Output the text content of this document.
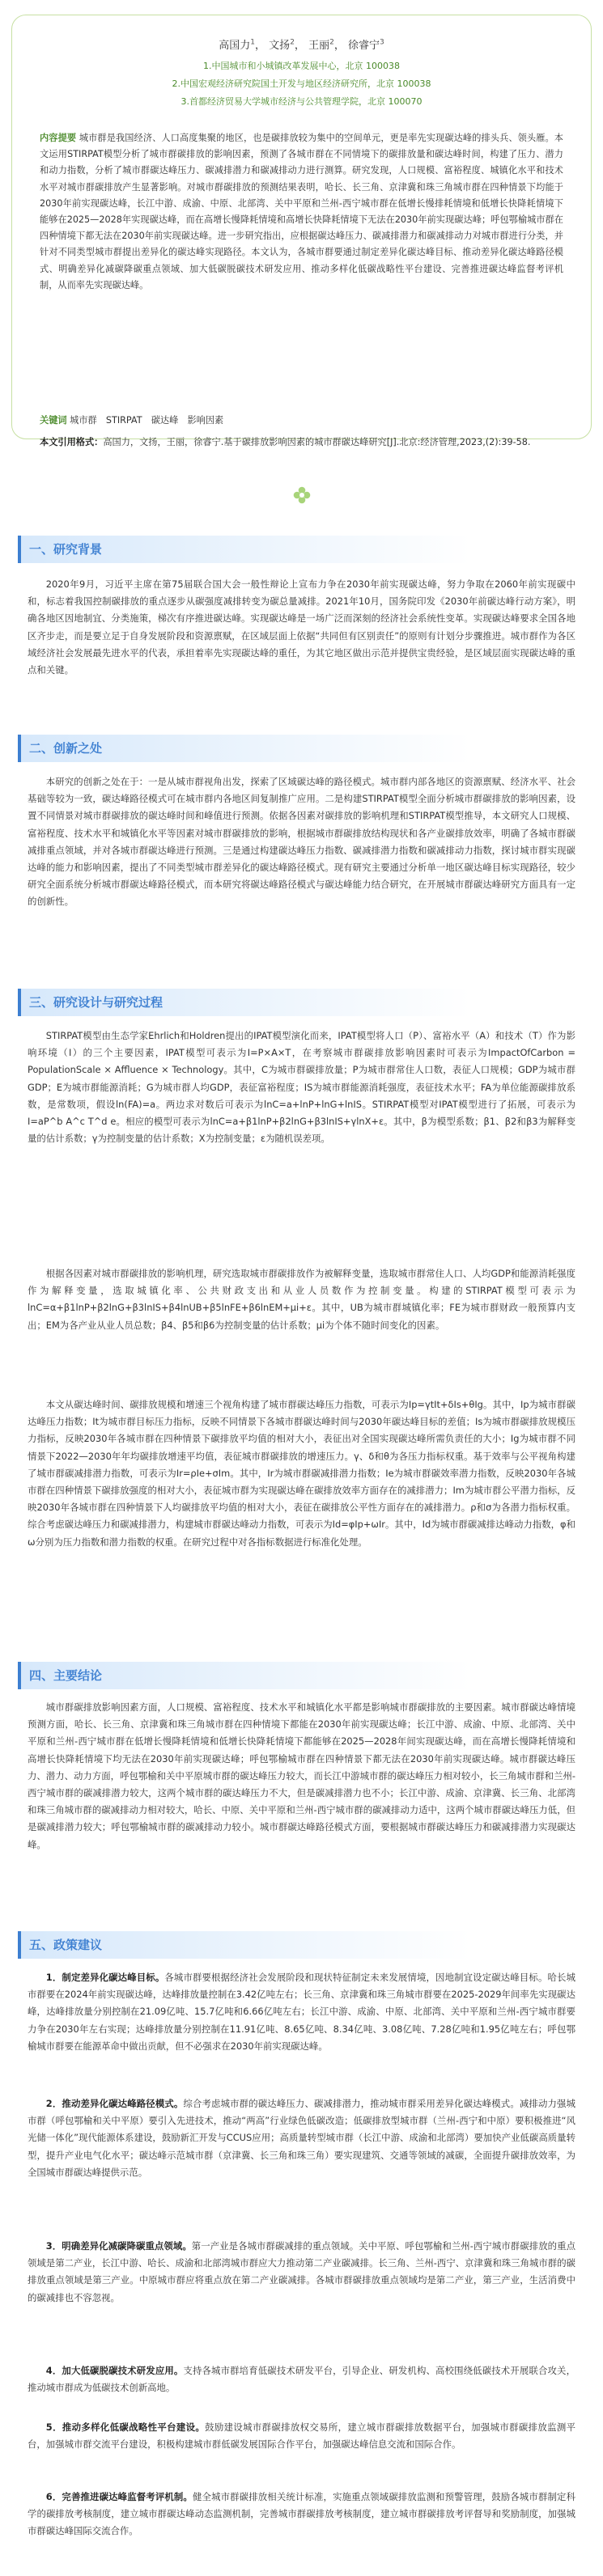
高国力$^1$， 文扬$^2$， 王丽$^2$， 徐睿宁$^3$
1.中国城市和小城镇改革发展中心，北京 100038
2.中国宏观经济研究院国土开发与地区经济研究所，北京 100038
3.首都经济贸易大学城市经济与公共管理学院，北京 100070
内容提要 城市群是我国经济、人口高度集聚的地区，也是碳排放较为集中的空间单元，更是率先实现碳达峰的排头兵、领头雁。本文运用STIRPAT模型分析了城市群碳排放的影响因素，预测了各城市群在不同情境下的碳排放量和碳达峰时间，构建了压力、潜力和动力指数，分析了城市群碳达峰压力、碳减排潜力和碳减排动力进行测算。研究发现，人口规模、富裕程度、城镇化水平和技术水平对城市群碳排放产生显著影响。对城市群碳排放的预测结果表明，哈长、长三角、京津冀和珠三角城市群在四种情景下均能于2030年前实现碳达峰，长江中游、成渝、中原、北部湾、关中平原和兰州-西宁城市群在低增长慢排耗情境和低增长快降耗情境下能够在2025—2028年实现碳达峰，而在高增长慢降耗情境和高增长快降耗情境下无法在2030年前实现碳达峰；呼包鄂榆城市群在四种情境下都无法在2030年前实现碳达峰。进一步研究指出，应根据碳达峰压力、碳减排潜力和碳减排动力对城市群进行分类，并针对不同类型城市群提出差异化的碳达峰实现路径。本文认为，各城市群要通过制定差异化碳达峰目标、推动差异化碳达峰路径模式、明确差异化减碳降碳重点领域、加大低碳脱碳技术研发应用、推动多样化低碳战略性平台建设、完善推进碳达峰监督考评机制，从而率先实现碳达峰。
关键词 城市群　STIRPAT　碳达峰　影响因素
本文引用格式：高国力，文扬，王丽，徐睿宁.基于碳排放影响因素的城市群碳达峰研究[J].北京:经济管理,2023,(2):39-58.
一、研究背景
2020年9月，习近平主席在第75届联合国大会一般性辩论上宣布力争在2030年前实现碳达峰，努力争取在2060年前实现碳中和，标志着我国控制碳排放的重点逐步从碳强度减排转变为碳总量减排。2021年10月，国务院印发《2030年前碳达峰行动方案》，明确各地区因地制宜、分类施策，梯次有序推进碳达峰。实现碳达峰是一场广泛而深刻的经济社会系统性变革。实现碳达峰要求全国各地区齐步走，而是要立足于自身发展阶段和资源禀赋，在区域层面上依据“共同但有区别责任”的原则有计划分步骤推进。城市群作为各区域经济社会发展最先进水平的代表，承担着率先实现碳达峰的重任，为其它地区做出示范并提供宝贵经验，是区域层面实现碳达峰的重点和关键。
二、创新之处
本研究的创新之处在于：一是从城市群视角出发，探索了区域碳达峰的路径模式。城市群内部各地区的资源禀赋、经济水平、社会基础等较为一致，碳达峰路径模式可在城市群内各地区间复制推广应用。二是构建STIRPAT模型全面分析城市群碳排放的影响因素，设置不同情景对城市群碳排放的碳达峰时间和峰值进行预测。依据各因素对碳排放的影响机理和STIRPAT模型推导，本文研究人口规模、富裕程度、技术水平和城镇化水平等因素对城市群碳排放的影响，根据城市群碳排放结构现状和各产业碳排放效率，明确了各城市群碳减排重点领域，并对各城市群碳达峰进行预测。三是通过构建碳达峰压力指数、碳减排潜力指数和碳减排动力指数，探讨城市群实现碳达峰的能力和影响因素，提出了不同类型城市群差异化的碳达峰路径模式。现有研究主要通过分析单一地区碳达峰目标实现路径，较少研究全面系统分析城市群碳达峰路径模式，而本研究将碳达峰路径模式与碳达峰能力结合研究，在开展城市群碳达峰研究方面具有一定的创新性。
三、研究设计与研究过程
STIRPAT模型由生态学家Ehrlich和Holdren提出的IPAT模型演化而来，IPAT模型将人口（P）、富裕水平（A）和技术（T）作为影响环境（I）的三个主要因素，IPAT模型可表示为I=P×A×T，在考察城市群碳排放影响因素时可表示为ImpactOfCarbon = PopulationScale × Affluence × Technology。其中，C为城市群碳排放量；P为城市群常住人口数，表征人口规模；GDP为城市群GDP；E为城市群能源消耗；G为城市群人均GDP，表征富裕程度；IS为城市群能源消耗强度，表征技术水平；FA为单位能源碳排放系数，是常数项，假设ln(FA)=a。两边求对数后可表示为lnC=a+lnP+lnG+lnIS。STIRPAT模型对IPAT模型进行了拓展，可表示为I=aP^b A^c T^d e。相应的模型可表示为lnC=a+β1lnP+β2lnG+β3lnIS+γlnX+ε。其中，β为模型系数；β1、β2和β3为解释变量的估计系数；γ为控制变量的估计系数；X为控制变量；ε为随机误差项。
根据各因素对城市群碳排放的影响机理，研究选取城市群碳排放作为被解释变量，选取城市群常住人口、人均GDP和能源消耗强度作为解释变量，选取城镇化率、公共财政支出和从业人员数作为控制变量。构建的STIRPAT模型可表示为lnC=α+β1lnP+β2lnG+β3lnIS+β4lnUB+β5lnFE+β6lnEM+μi+ε。其中，UB为城市群城镇化率；FE为城市群财政一般预算内支出；EM为各产业从业人员总数；β4、β5和β6为控制变量的估计系数；μi为个体不随时间变化的因素。
本文从碳达峰时间、碳排放规模和增速三个视角构建了城市群碳达峰压力指数，可表示为Ip=γtIt+δIs+θIg。其中，Ip为城市群碳达峰压力指数；It为城市群目标压力指标，反映不同情景下各城市群碳达峰时间与2030年碳达峰目标的差值；Is为城市群碳排放规模压力指标，反映2030年各城市群在四种情景下碳排放平均值的相对大小，表征出对全国实现碳达峰所需负责任的大小；Ig为城市群不同情景下2022—2030年年均碳排放增速平均值，表征城市群碳排放的增速压力。γ、δ和θ为各压力指标权重。基于效率与公平视角构建了城市群碳减排潜力指数，可表示为Ir=ρIe+σIm。其中，Ir为城市群碳减排潜力指数；Ie为城市群碳效率潜力指数，反映2030年各城市群在四种情景下碳排放强度的相对大小，表征城市群为实现碳达峰在碳排放效率方面存在的减排潜力；Im为城市群公平潜力指标，反映2030年各城市群在四种情景下人均碳排放平均值的相对大小，表征在碳排放公平性方面存在的减排潜力。ρ和σ为各潜力指标权重。综合考虑碳达峰压力和碳减排潜力，构建城市群碳达峰动力指数，可表示为Id=φIp+ωIr。其中，Id为城市群碳减排达峰动力指数，φ和ω分别为压力指数和潜力指数的权重。在研究过程中对各指标数据进行标准化处理。
四、主要结论
城市群碳排放影响因素方面，人口规模、富裕程度、技术水平和城镇化水平都是影响城市群碳排放的主要因素。城市群碳达峰情境预测方面，哈长、长三角、京津冀和珠三角城市群在四种情境下都能在2030年前实现碳达峰；长江中游、成渝、中原、北部湾、关中平原和兰州-西宁城市群在低增长慢降耗情境和低增长快降耗情境下都能够在2025—2028年间实现碳达峰，而在高增长慢降耗情境和高增长快降耗情境下均无法在2030年前实现碳达峰；呼包鄂榆城市群在四种情景下都无法在2030年前实现碳达峰。城市群碳达峰压力、潜力、动力方面，呼包鄂榆和关中平原城市群的碳达峰压力较大，而长江中游城市群的碳达峰压力相对较小，长三角城市群和兰州-西宁城市群的碳减排潜力较大，这两个城市群的碳达峰压力不大，但是碳减排潜力也不小；长江中游、成渝、京津冀、长三角、北部湾和珠三角城市群的碳减排动力相对较大，哈长、中原、关中平原和兰州-西宁城市群的碳减排动力适中，这两个城市群碳达峰压力低，但是碳减排潜力较大；呼包鄂榆城市群的碳减排动力较小。城市群碳达峰路径模式方面，要根据城市群碳达峰压力和碳减排潜力实现碳达峰。
五、政策建议
1．制定差异化碳达峰目标。各城市群要根据经济社会发展阶段和现状特征制定未来发展情境，因地制宜设定碳达峰目标。哈长城市群要在2024年前实现碳达峰，达峰排放量控制在3.42亿吨左右；长三角、京津冀和珠三角城市群要在2025-2029年间率先实现碳达峰，达峰排放量分别控制在21.09亿吨、15.7亿吨和6.66亿吨左右；长江中游、成渝、中原、北部湾、关中平原和兰州-西宁城市群要力争在2030年左右实现；达峰排放量分别控制在11.91亿吨、8.65亿吨、8.34亿吨、3.08亿吨、7.28亿吨和1.95亿吨左右；呼包鄂榆城市群要在能源革命中做出贡献，但不必强求在2030年前实现碳达峰。
2．推动差异化碳达峰路径模式。综合考虑城市群的碳达峰压力、碳减排潜力，推动城市群采用差异化碳达峰模式。减排动力强城市群（呼包鄂榆和关中平原）要引入先进技术，推动“两高”行业绿色低碳改造；低碳排放型城市群（兰州-西宁和中原）要积极推进“风光储一体化”现代能源体系建设，鼓励新汇开发与CCUS应用；高质量转型城市群（长江中游、成渝和北部湾）要加快产业低碳高质量转型，提升产业电气化水平；碳达峰示范城市群（京津冀、长三角和珠三角）要实现建筑、交通等领域的减碳，全面提升碳排放效率，为全国城市群碳达峰提供示范。
3．明确差异化减碳降碳重点领域。第一产业是各城市群碳减排的重点领域。关中平原、呼包鄂榆和兰州-西宁城市群碳排放的重点领域是第二产业，长江中游、哈长、成渝和北部湾城市群应大力推动第二产业碳减排。长三角、兰州-西宁、京津冀和珠三角城市群的碳排放重点领域是第三产业。中原城市群应将重点放在第二产业碳减排。各城市群碳排放重点领域均是第二产业，第三产业，生活消费中的碳减排也不容忽视。
4．加大低碳脱碳技术研发应用。支持各城市群培育低碳技术研发平台，引导企业、研发机构、高校围绕低碳技术开展联合攻关，推动城市群成为低碳技术创新高地。
5．推动多样化低碳战略性平台建设。鼓励建设城市群碳排放权交易所，建立城市群碳排放数据平台，加强城市群碳排放监测平台，加强城市群交流平台建设，积极构建城市群低碳发展国际合作平台，加强碳达峰信息交流和国际合作。
6．完善推进碳达峰监督考评机制。健全城市群碳排放相关统计标准，实施重点领域碳排放监测和预警管理，鼓励各城市群制定科学的碳排放考核制度，建立城市群碳达峰动态监测机制，完善城市群碳排放考核制度，建立城市群碳排放考评督导和奖励制度，加强城市群碳达峰国际交流合作。
